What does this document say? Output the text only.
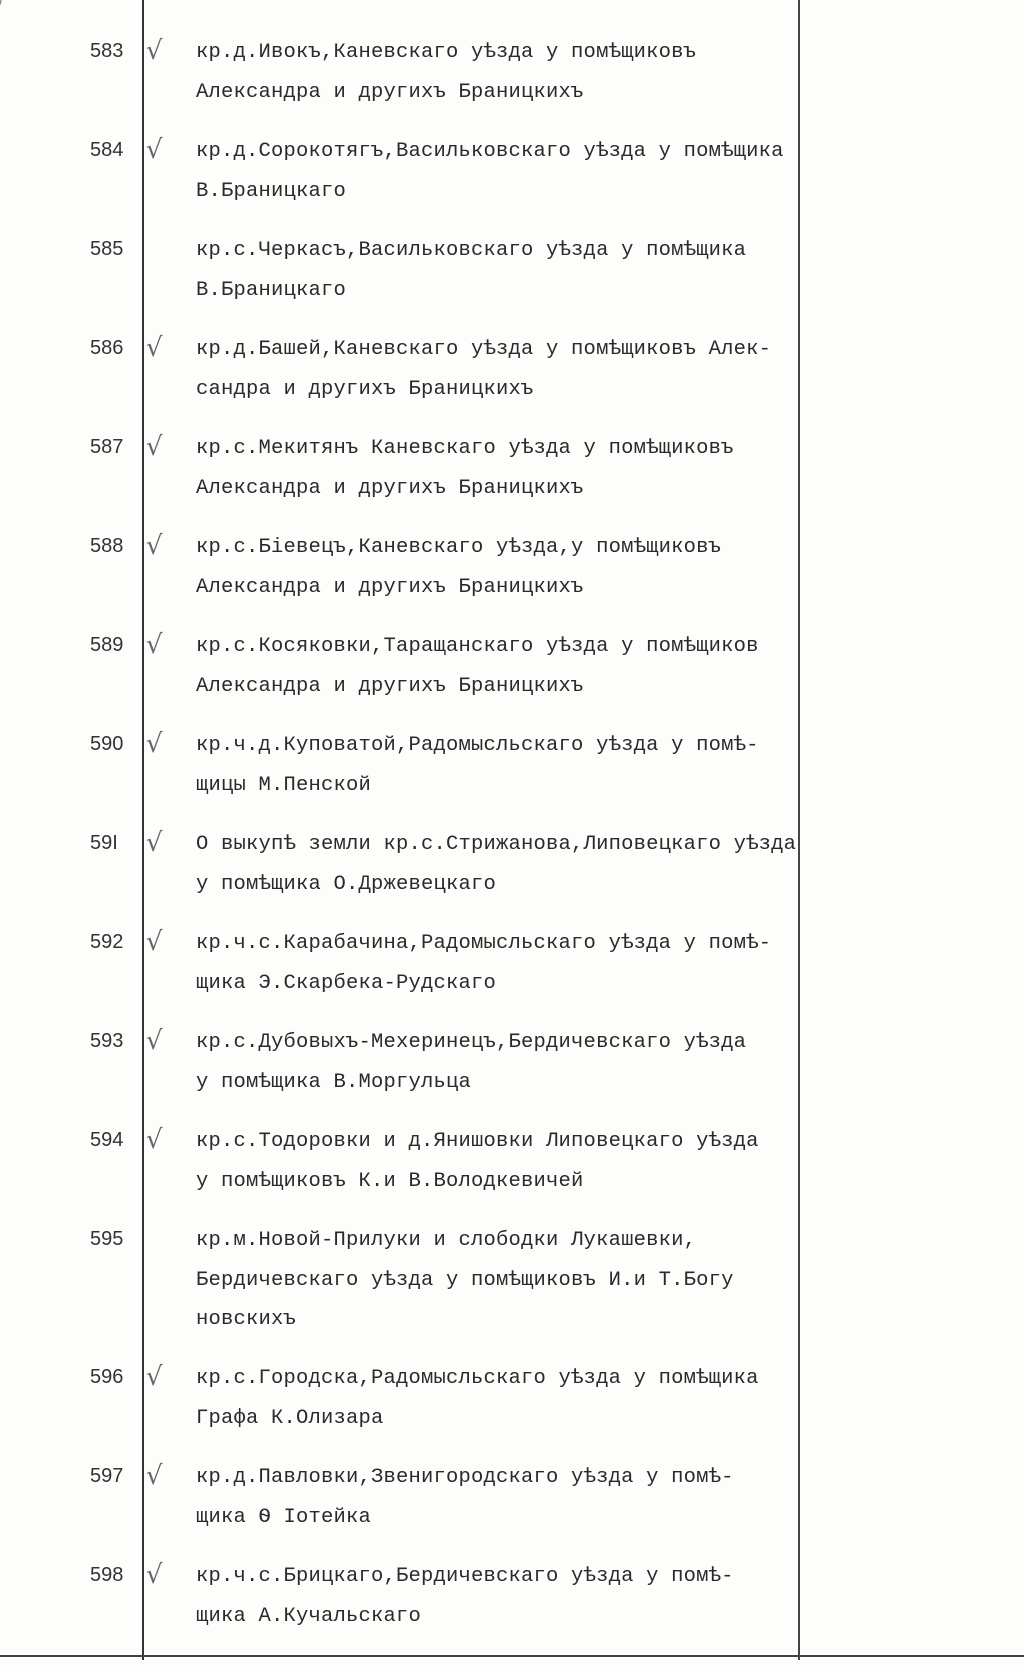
583 √ кр.д.Ивокъ,Каневскаго уѣзда у помѣщиковъ
Александра и другихъ Браницкихъ
584 √ кр.д.Сорокотягъ,Васильковскаго уѣзда у помѣщика
В.Браницкаго
585	кр.с.Черкасъ,Васильковскаго уѣзда у помѣщика
В.Браницкаго
586 √ кр.д.Башей,Каневскаго уѣзда у помѣщиковъ Алек-
сандра и другихъ Браницкихъ
587 √ кр.с.Мекитянъ Каневскаго уѣзда у помѣщиковъ
Александра и другихъ Браницкихъ
588 √ кр.с.Біевецъ,Каневскаго уѣзда,у помѣщиковъ
Александра и другихъ Браницкихъ
589 √ кр.с.Косяковки,Таращанскаго уѣзда у помѣщиков
Александра и другихъ Браницкихъ
590 √ кр.ч.д.Куповатой,Радомысльскаго уѣзда у помѣ-
щицы М.Пенской
59I √ О выкупѣ земли кр.с.Стрижанова,Липовецкаго уѣзда
у помѣщика О.Држевецкаго
592 √ кр.ч.с.Карабачина,Радомысльскаго уѣзда у помѣ-
щика Э.Скарбека-Рудскаго
593 √ кр.с.Дубовыхъ-Мехеринецъ,Бердичевскаго уѣзда
у помѣщика В.Моргульца
594 √ кр.с.Тодоровки и д.Янишовки Липовецкаго уѣзда
у помѣщиковъ К.и В.Володкевичей
595	кр.м.Новой-Прилуки и слободки Лукашевки,
Бердичевскаго уѣзда у помѣщиковъ И.и Т.Богу
новскихъ
596 √ кр.с.Городска,Радомысльскаго уѣзда у помѣщика
Графа К.Олизара
597 √ кр.д.Павловки,Звенигородскаго уѣзда у помѣ-
щика Ѳ Іотейка
598 √ кр.ч.с.Брицкаго,Бердичевскаго уѣзда у помѣ-
щика А.Кучальскаго
